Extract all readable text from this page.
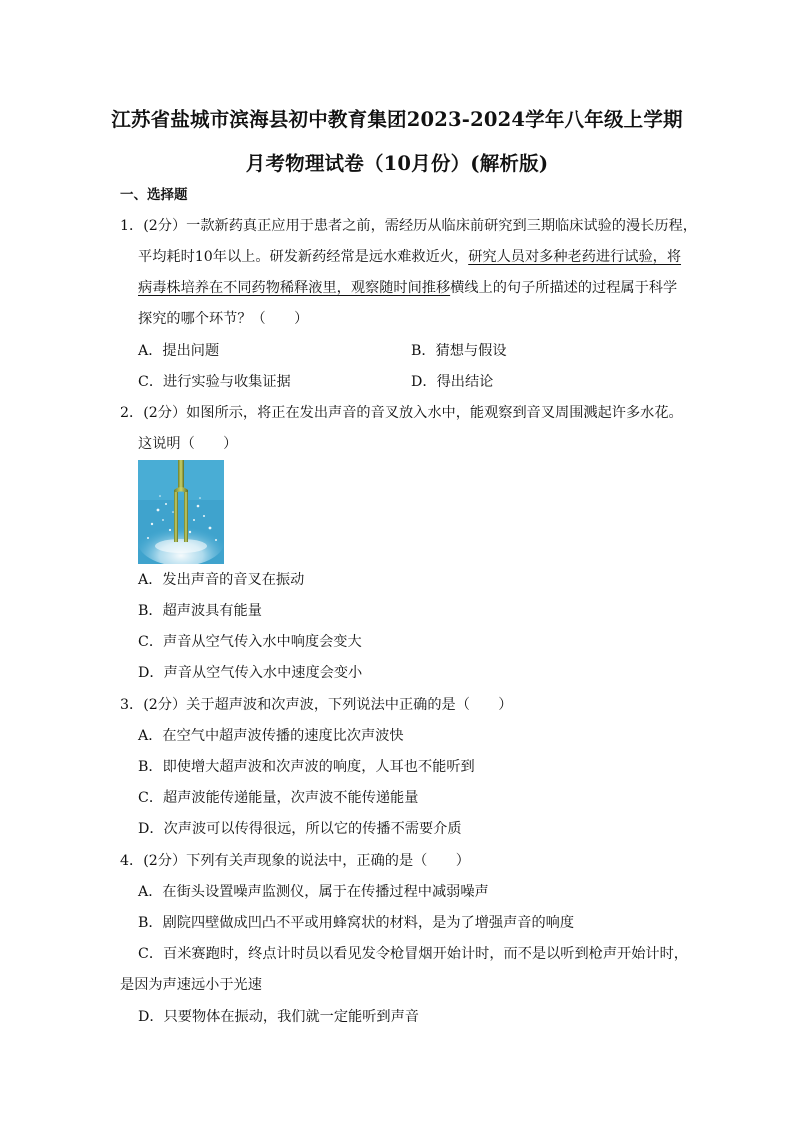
江苏省盐城市滨海县初中教育集团2023-2024学年八年级上学期
月考物理试卷（10月份）(解析版)
一、选择题
1．(2分）一款新药真正应用于患者之前，需经历从临床前研究到三期临床试验的漫长历程，
平均耗时10年以上。研发新药经常是远水难救近火，研究人员对多种老药进行试验，将
病毒株培养在不同药物稀释液里，观察随时间推移横线上的句子所描述的过程属于科学
探究的哪个环节？（　　）
A．提出问题	B．猜想与假设
C．进行实验与收集证据	D．得出结论
2．(2分）如图所示，将正在发出声音的音叉放入水中，能观察到音叉周围溅起许多水花。
这说明（　　）
A．发出声音的音叉在振动
B．超声波具有能量
C．声音从空气传入水中响度会变大
D．声音从空气传入水中速度会变小
3．(2分）关于超声波和次声波，下列说法中正确的是（　　）
A．在空气中超声波传播的速度比次声波快
B．即使增大超声波和次声波的响度，人耳也不能听到
C．超声波能传递能量，次声波不能传递能量
D．次声波可以传得很远，所以它的传播不需要介质
4．(2分）下列有关声现象的说法中，正确的是（　　）
A．在街头设置噪声监测仪，属于在传播过程中减弱噪声
B．剧院四壁做成凹凸不平或用蜂窝状的材料，是为了增强声音的响度
C．百米赛跑时，终点计时员以看见发令枪冒烟开始计时，而不是以听到枪声开始计时，
是因为声速远小于光速
D．只要物体在振动，我们就一定能听到声音
